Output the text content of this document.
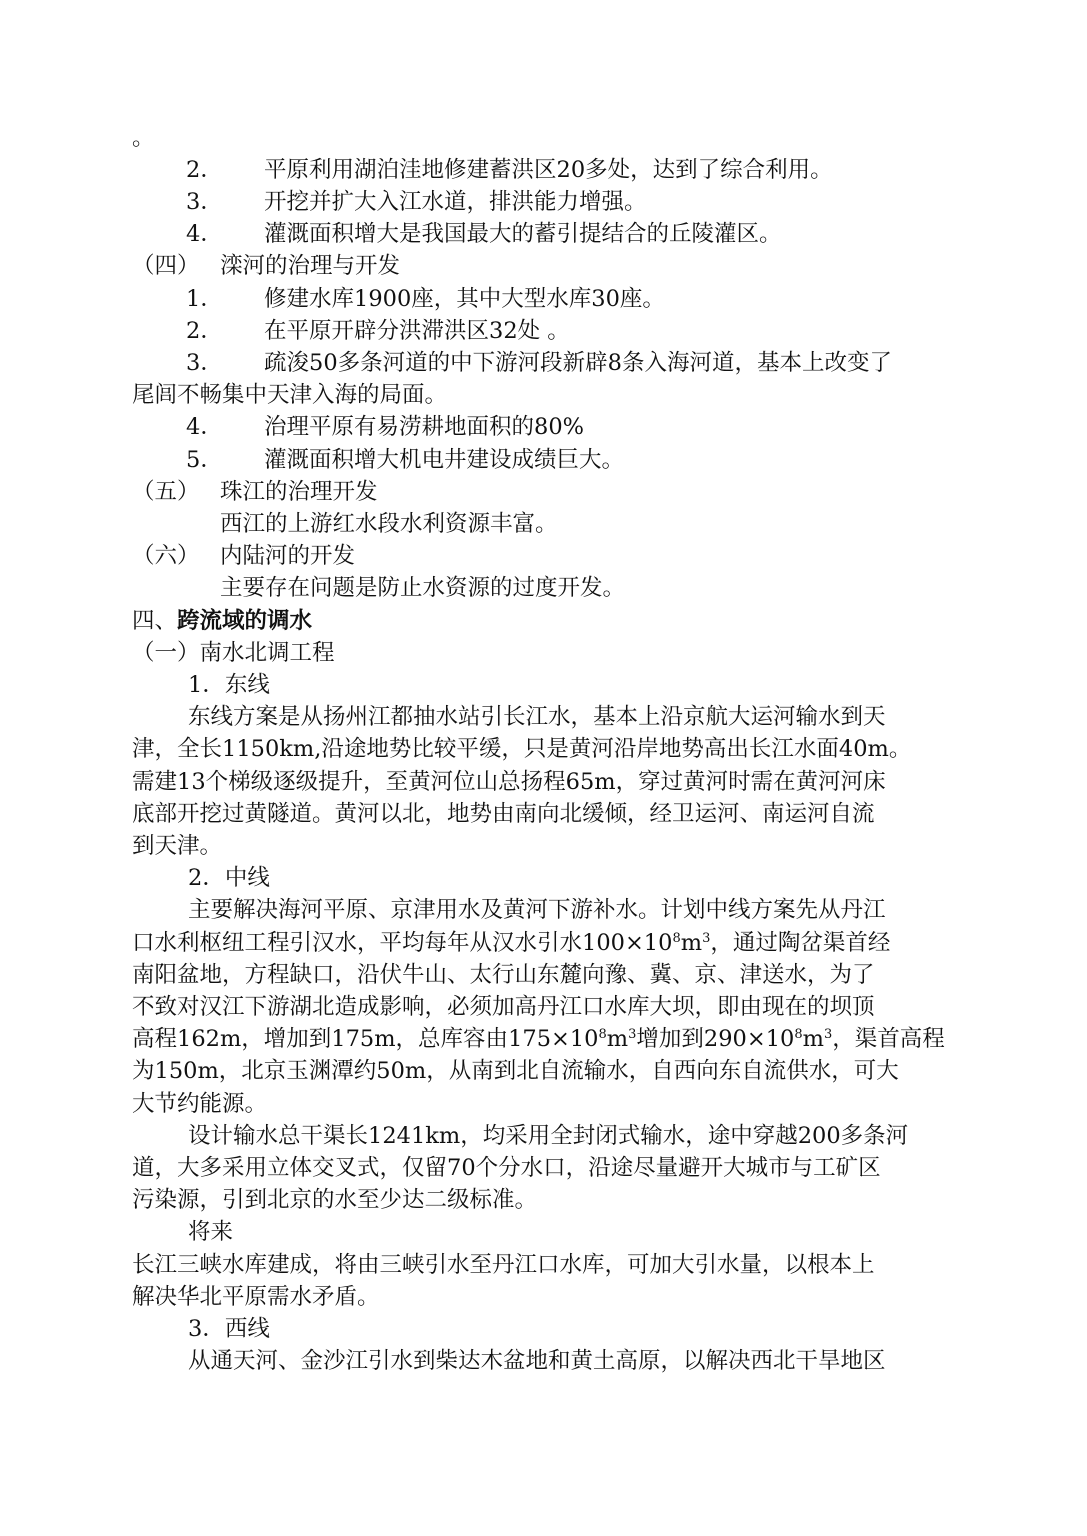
。
2． 平原利用湖泊洼地修建蓄洪区20多处，达到了综合利用。
3． 开挖并扩大入江水道，排洪能力增强。
4． 灌溉面积增大是我国最大的蓄引提结合的丘陵灌区。
（四） 滦河的治理与开发
1． 修建水库1900座，其中大型水库30座。
2． 在平原开辟分洪滞洪区32处 。
3． 疏浚50多条河道的中下游河段新辟8条入海河道，基本上改变了
尾闾不畅集中天津入海的局面。
4． 治理平原有易涝耕地面积的80%
5． 灌溉面积增大机电井建设成绩巨大。
（五） 珠江的治理开发
西江的上游红水段水利资源丰富。
（六） 内陆河的开发
主要存在问题是防止水资源的过度开发。
四、跨流域的调水
（一）南水北调工程
1．东线
东线方案是从扬州江都抽水站引长江水，基本上沿京航大运河输水到天
津，全长1150km,沿途地势比较平缓，只是黄河沿岸地势高出长江水面40m。
需建13个梯级逐级提升，至黄河位山总扬程65m，穿过黄河时需在黄河河床
底部开挖过黄隧道。黄河以北，地势由南向北缓倾，经卫运河、南运河自流
到天津。
2．中线
主要解决海河平原、京津用水及黄河下游补水。计划中线方案先从丹江
口水利枢纽工程引汉水，平均每年从汉水引水$100\times 10^8m^3$，通过陶岔渠首经
南阳盆地，方程缺口，沿伏牛山、太行山东麓向豫、冀、京、津送水，为了
不致对汉江下游湖北造成影响，必须加高丹江口水库大坝，即由现在的坝顶
高程162m，增加到175m，总库容由$175\times 10^8m^3$增加到$290\times 10^8m^3$，渠首高程
为150m，北京玉渊潭约50m，从南到北自流输水，自西向东自流供水，可大
大节约能源。
设计输水总干渠长1241km，均采用全封闭式输水，途中穿越200多条河
道，大多采用立体交叉式，仅留70个分水口，沿途尽量避开大城市与工矿区
污染源，引到北京的水至少达二级标准。
将来
长江三峡水库建成，将由三峡引水至丹江口水库，可加大引水量，以根本上
解决华北平原需水矛盾。
3．西线
从通天河、金沙江引水到柴达木盆地和黄土高原，以解决西北干旱地区
